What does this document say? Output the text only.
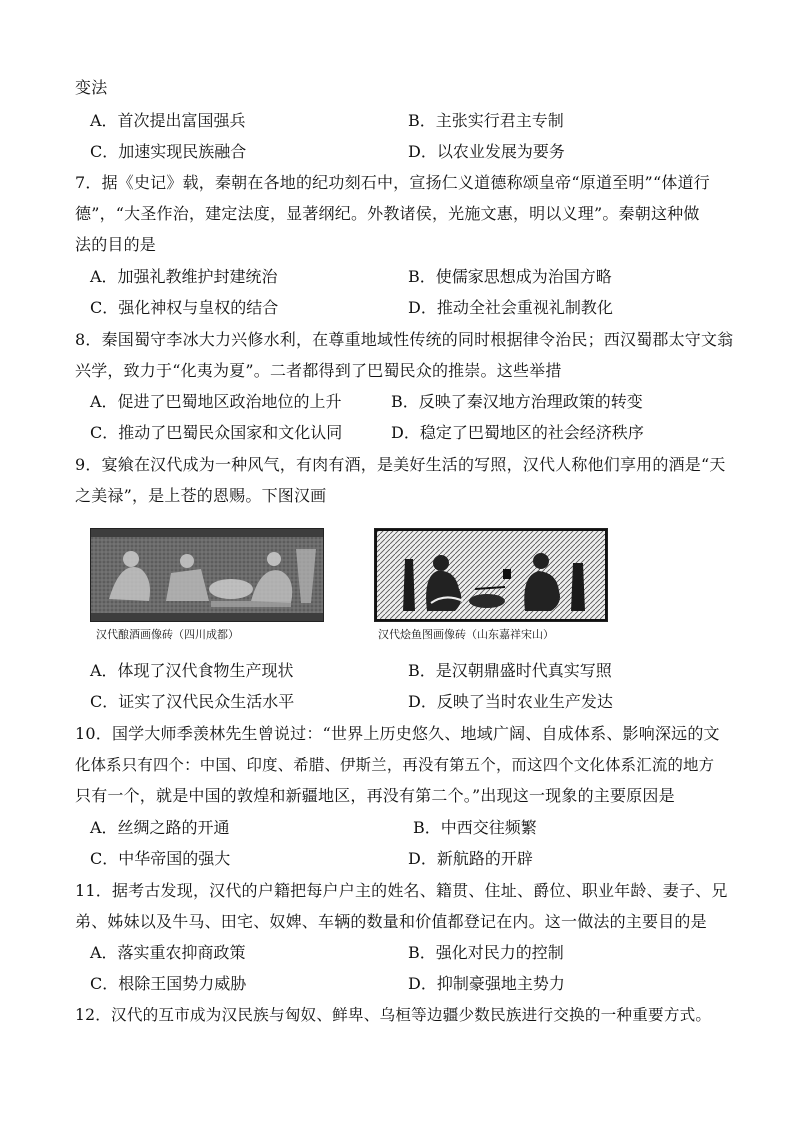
变法
A．首次提出富国强兵	B．主张实行君主专制
C．加速实现民族融合	D．以农业发展为要务
7．据《史记》载，秦朝在各地的纪功刻石中，宣扬仁义道德称颂皇帝“原道至明”“体道行
德”，“大圣作治，建定法度，显著纲纪。外教诸侯，光施文惠，明以义理”。秦朝这种做
法的目的是
A．加强礼教维护封建统治	B．使儒家思想成为治国方略
C．强化神权与皇权的结合	D．推动全社会重视礼制教化
8．秦国蜀守李冰大力兴修水利，在尊重地域性传统的同时根据律令治民；西汉蜀郡太守文翁
兴学，致力于“化夷为夏”。二者都得到了巴蜀民众的推崇。这些举措
A．促进了巴蜀地区政治地位的上升	B．反映了秦汉地方治理政策的转变
C．推动了巴蜀民众国家和文化认同	D．稳定了巴蜀地区的社会经济秩序
9．宴飨在汉代成为一种风气，有肉有酒，是美好生活的写照，汉代人称他们享用的酒是“天
之美禄”，是上苍的恩赐。下图汉画
汉代酿酒画像砖（四川成都）	汉代烩鱼图画像砖（山东嘉祥宋山）
A．体现了汉代食物生产现状	B．是汉朝鼎盛时代真实写照
C．证实了汉代民众生活水平	D．反映了当时农业生产发达
10．国学大师季羡林先生曾说过：“世界上历史悠久、地域广阔、自成体系、影响深远的文
化体系只有四个：中国、印度、希腊、伊斯兰，再没有第五个，而这四个文化体系汇流的地方
只有一个，就是中国的敦煌和新疆地区，再没有第二个。”出现这一现象的主要原因是
A．丝绸之路的开通	B．中西交往频繁
C．中华帝国的强大	D．新航路的开辟
11．据考古发现，汉代的户籍把每户户主的姓名、籍贯、住址、爵位、职业年龄、妻子、兄
弟、姊妹以及牛马、田宅、奴婢、车辆的数量和价值都登记在内。这一做法的主要目的是
A．落实重农抑商政策	B．强化对民力的控制
C．根除王国势力威胁	D．抑制豪强地主势力
12．汉代的互市成为汉民族与匈奴、鲜卑、乌桓等边疆少数民族进行交换的一种重要方式。
